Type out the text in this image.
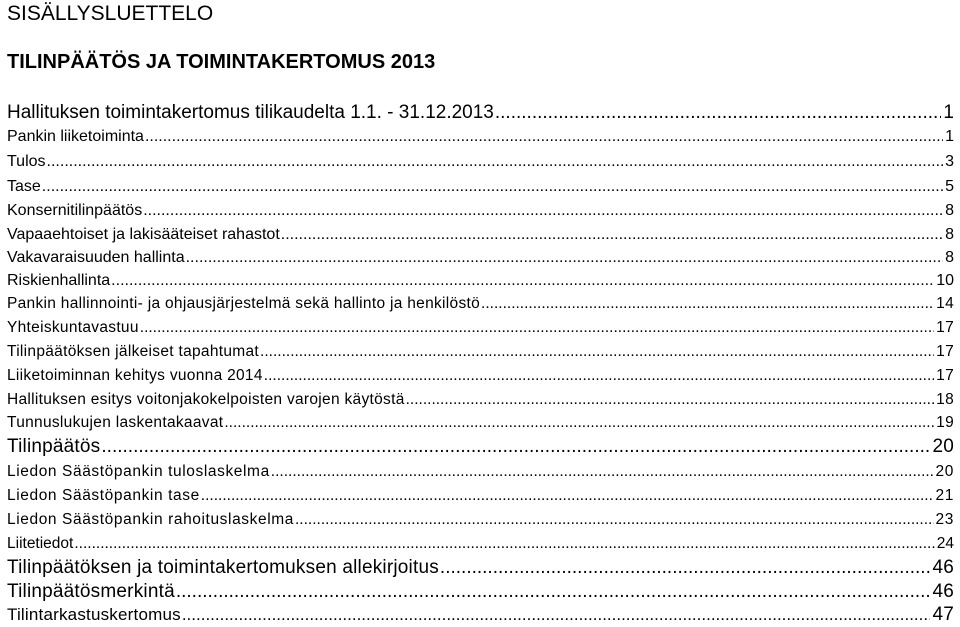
SISÄLLYSLUETTELO
TILINPÄÄTÖS JA TOIMINTAKERTOMUS 2013
Hallituksen toimintakertomus tilikaudelta 1.1. - 31.12.2013 .....	1
Pankin liiketoiminta .....	1
Tulos .....	3
Tase .....	5
Konsernitilinpäätös .....	8
Vapaaehtoiset ja lakisääteiset rahastot .....	8
Vakavaraisuuden hallinta .....	8
Riskienhallinta .....	10
Pankin hallinnointi- ja ohjausjärjestelmä sekä hallinto ja henkilöstö .....	14
Yhteiskuntavastuu .....	17
Tilinpäätöksen jälkeiset tapahtumat .....	17
Liiketoiminnan kehitys vuonna 2014 .....	17
Hallituksen esitys voitonjakokelpoisten varojen käytöstä .....	18
Tunnuslukujen laskentakaavat .....	19
Tilinpäätös .....	20
Liedon Säästöpankin tuloslaskelma .....	20
Liedon Säästöpankin tase .....	21
Liedon Säästöpankin rahoituslaskelma .....	23
Liitetiedot .....	24
Tilinpäätöksen ja toimintakertomuksen allekirjoitus .....	46
Tilinpäätösmerkintä .....	46
Tilintarkastuskertomus .....	47
